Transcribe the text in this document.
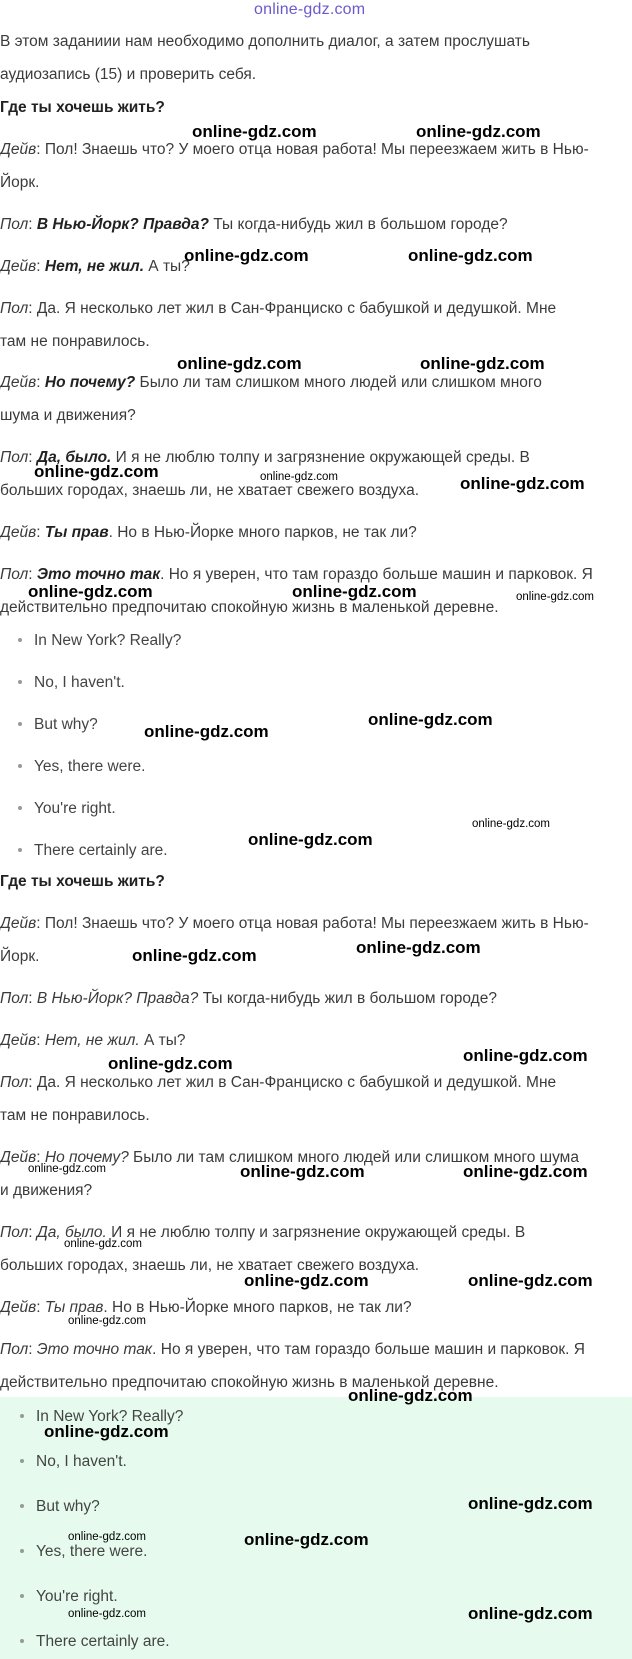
online-gdz.com

В этом заданиии нам необходимо дополнить диалог, а затем прослушать

аудиозапись (15) и проверить себя.

Где ты хочешь жить?

Дейв: Пол! Знаешь что? У моего отца новая работа! Мы переезжаем жить в Нью-

Йорк.

Пол: В Нью-Йорк? Правда? Ты когда-нибудь жил в большом городе?

Дейв: Нет, не жил. А ты?

Пол: Да. Я несколько лет жил в Сан-Франциско с бабушкой и дедушкой. Мне

там не понравилось.

Дейв: Но почему? Было ли там слишком много людей или слишком много

шума и движения?

Пол: Да, было. И я не люблю толпу и загрязнение окружающей среды. В

больших городах, знаешь ли, не хватает свежего воздуха.

Дейв: Ты прав. Но в Нью-Йорке много парков, не так ли?

Пол: Это точно так. Но я уверен, что там гораздо больше машин и парковок. Я

действительно предпочитаю спокойную жизнь в маленькой деревне.

In New York? Really?
No, I haven't.
But why?
Yes, there were.
You're right.
There certainly are.

Где ты хочешь жить?

Дейв: Пол! Знаешь что? У моего отца новая работа! Мы переезжаем жить в Нью-

Йорк.

Пол: В Нью-Йорк? Правда? Ты когда-нибудь жил в большом городе?

Дейв: Нет, не жил. А ты?

Пол: Да. Я несколько лет жил в Сан-Франциско с бабушкой и дедушкой. Мне

там не понравилось.

Дейв: Но почему? Было ли там слишком много людей или слишком много шума

и движения?

Пол: Да, было. И я не люблю толпу и загрязнение окружающей среды. В

больших городах, знаешь ли, не хватает свежего воздуха.

Дейв: Ты прав. Но в Нью-Йорке много парков, не так ли?

Пол: Это точно так. Но я уверен, что там гораздо больше машин и парковок. Я

действительно предпочитаю спокойную жизнь в маленькой деревне.

In New York? Really?
No, I haven't.
But why?
Yes, there were.
You're right.
There certainly are.
online-gdz.com	online-gdz.com
online-gdz.com	online-gdz.com
online-gdz.com	online-gdz.com
online-gdz.com
online-gdz.com
online-gdz.com
online-gdz.com	online-gdz.com	online-gdz.com
online-gdz.com
online-gdz.com
online-gdz.com
online-gdz.com
online-gdz.com
online-gdz.com
online-gdz.com	online-gdz.com
online-gdz.com	online-gdz.com	online-gdz.com
online-gdz.com
online-gdz.com	online-gdz.com
online-gdz.com
online-gdz.com
online-gdz.com
online-gdz.com
online-gdz.com	online-gdz.com
online-gdz.com	online-gdz.com
